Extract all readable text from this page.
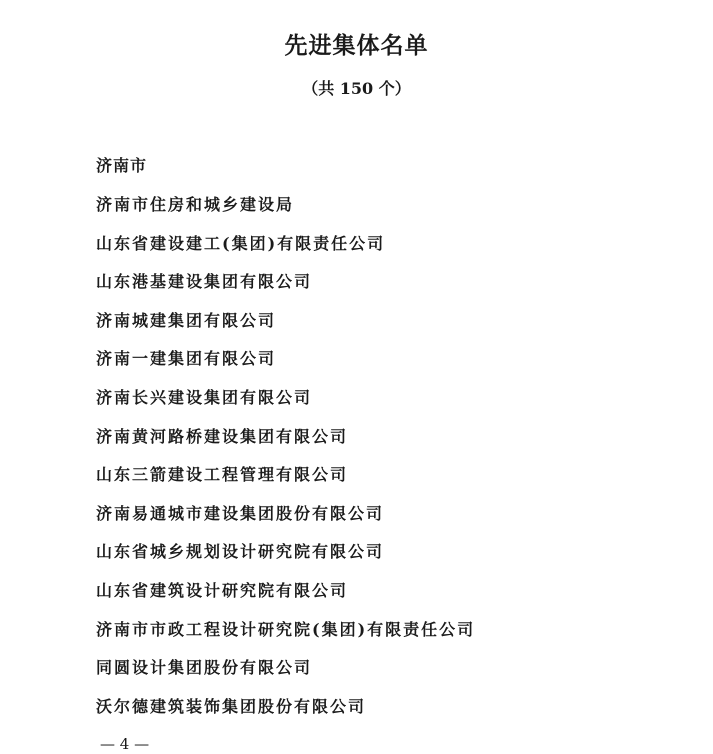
先进集体名单
（共 150 个）
济南市
济南市住房和城乡建设局
山东省建设建工(集团)有限责任公司
山东港基建设集团有限公司
济南城建集团有限公司
济南一建集团有限公司
济南长兴建设集团有限公司
济南黄河路桥建设集团有限公司
山东三箭建设工程管理有限公司
济南易通城市建设集团股份有限公司
山东省城乡规划设计研究院有限公司
山东省建筑设计研究院有限公司
济南市市政工程设计研究院(集团)有限责任公司
同圆设计集团股份有限公司
沃尔德建筑装饰集团股份有限公司
— 4 —
